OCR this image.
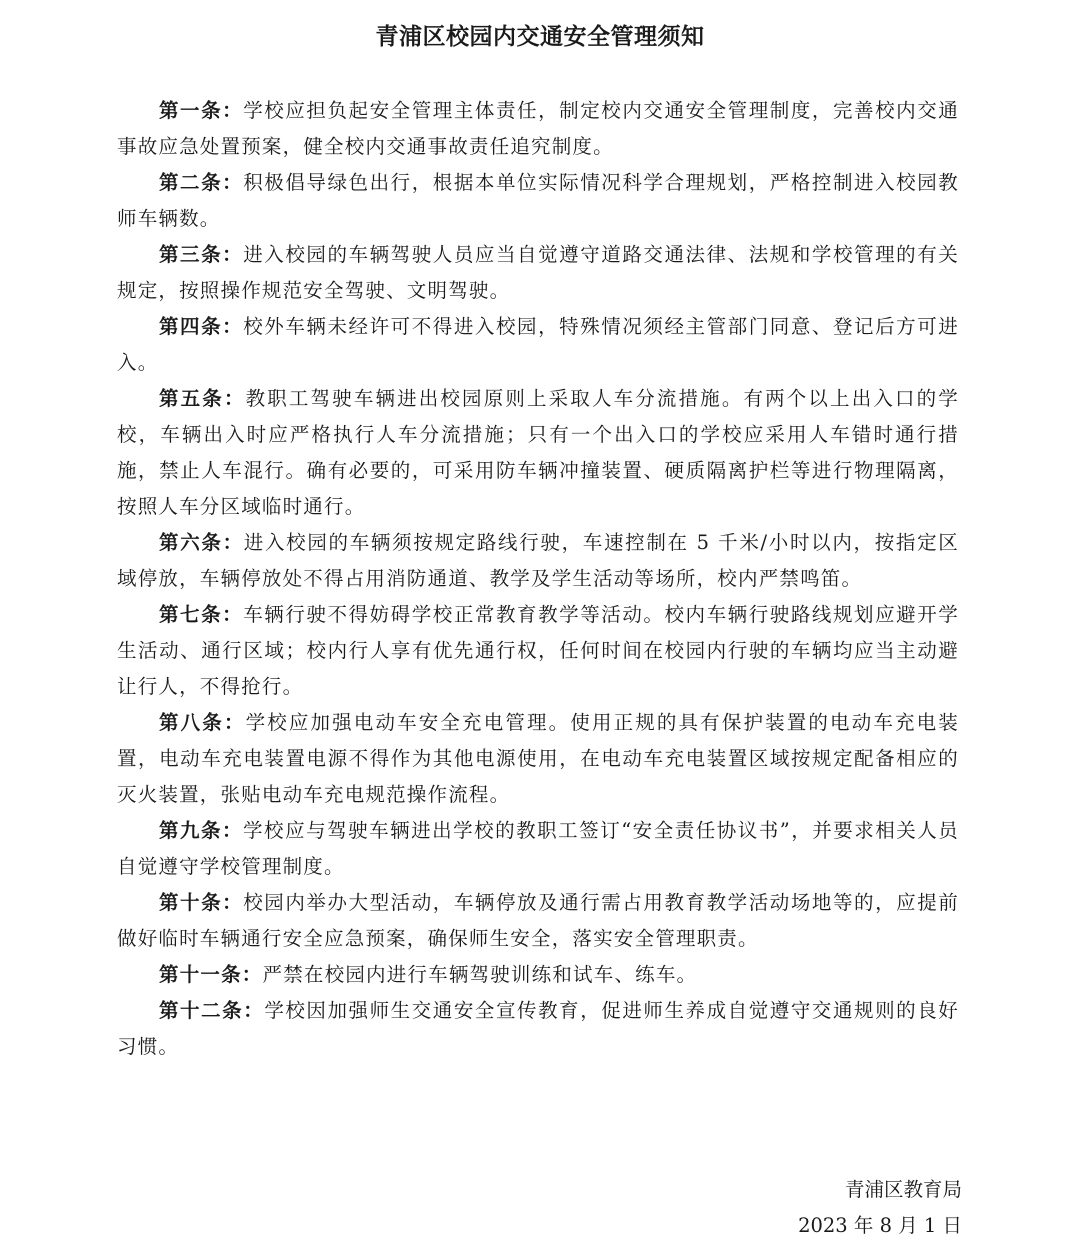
青浦区校园内交通安全管理须知

第一条：学校应担负起安全管理主体责任，制定校内交通安全管理制度，完善校内交通事故应急处置预案，健全校内交通事故责任追究制度。

第二条：积极倡导绿色出行，根据本单位实际情况科学合理规划，严格控制进入校园教师车辆数。

第三条：进入校园的车辆驾驶人员应当自觉遵守道路交通法律、法规和学校管理的有关规定，按照操作规范安全驾驶、文明驾驶。

第四条：校外车辆未经许可不得进入校园，特殊情况须经主管部门同意、登记后方可进入。

第五条：教职工驾驶车辆进出校园原则上采取人车分流措施。有两个以上出入口的学校，车辆出入时应严格执行人车分流措施；只有一个出入口的学校应采用人车错时通行措施，禁止人车混行。确有必要的，可采用防车辆冲撞装置、硬质隔离护栏等进行物理隔离，按照人车分区域临时通行。

第六条：进入校园的车辆须按规定路线行驶，车速控制在 5 千米/小时以内，按指定区域停放，车辆停放处不得占用消防通道、教学及学生活动等场所，校内严禁鸣笛。

第七条：车辆行驶不得妨碍学校正常教育教学等活动。校内车辆行驶路线规划应避开学生活动、通行区域；校内行人享有优先通行权，任何时间在校园内行驶的车辆均应当主动避让行人，不得抢行。

第八条：学校应加强电动车安全充电管理。使用正规的具有保护装置的电动车充电装置，电动车充电装置电源不得作为其他电源使用，在电动车充电装置区域按规定配备相应的灭火装置，张贴电动车充电规范操作流程。

第九条：学校应与驾驶车辆进出学校的教职工签订“安全责任协议书”，并要求相关人员自觉遵守学校管理制度。

第十条：校园内举办大型活动，车辆停放及通行需占用教育教学活动场地等的，应提前做好临时车辆通行安全应急预案，确保师生安全，落实安全管理职责。

第十一条：严禁在校园内进行车辆驾驶训练和试车、练车。

第十二条：学校因加强师生交通安全宣传教育，促进师生养成自觉遵守交通规则的良好习惯。

青浦区教育局
2023 年 8 月 1 日
